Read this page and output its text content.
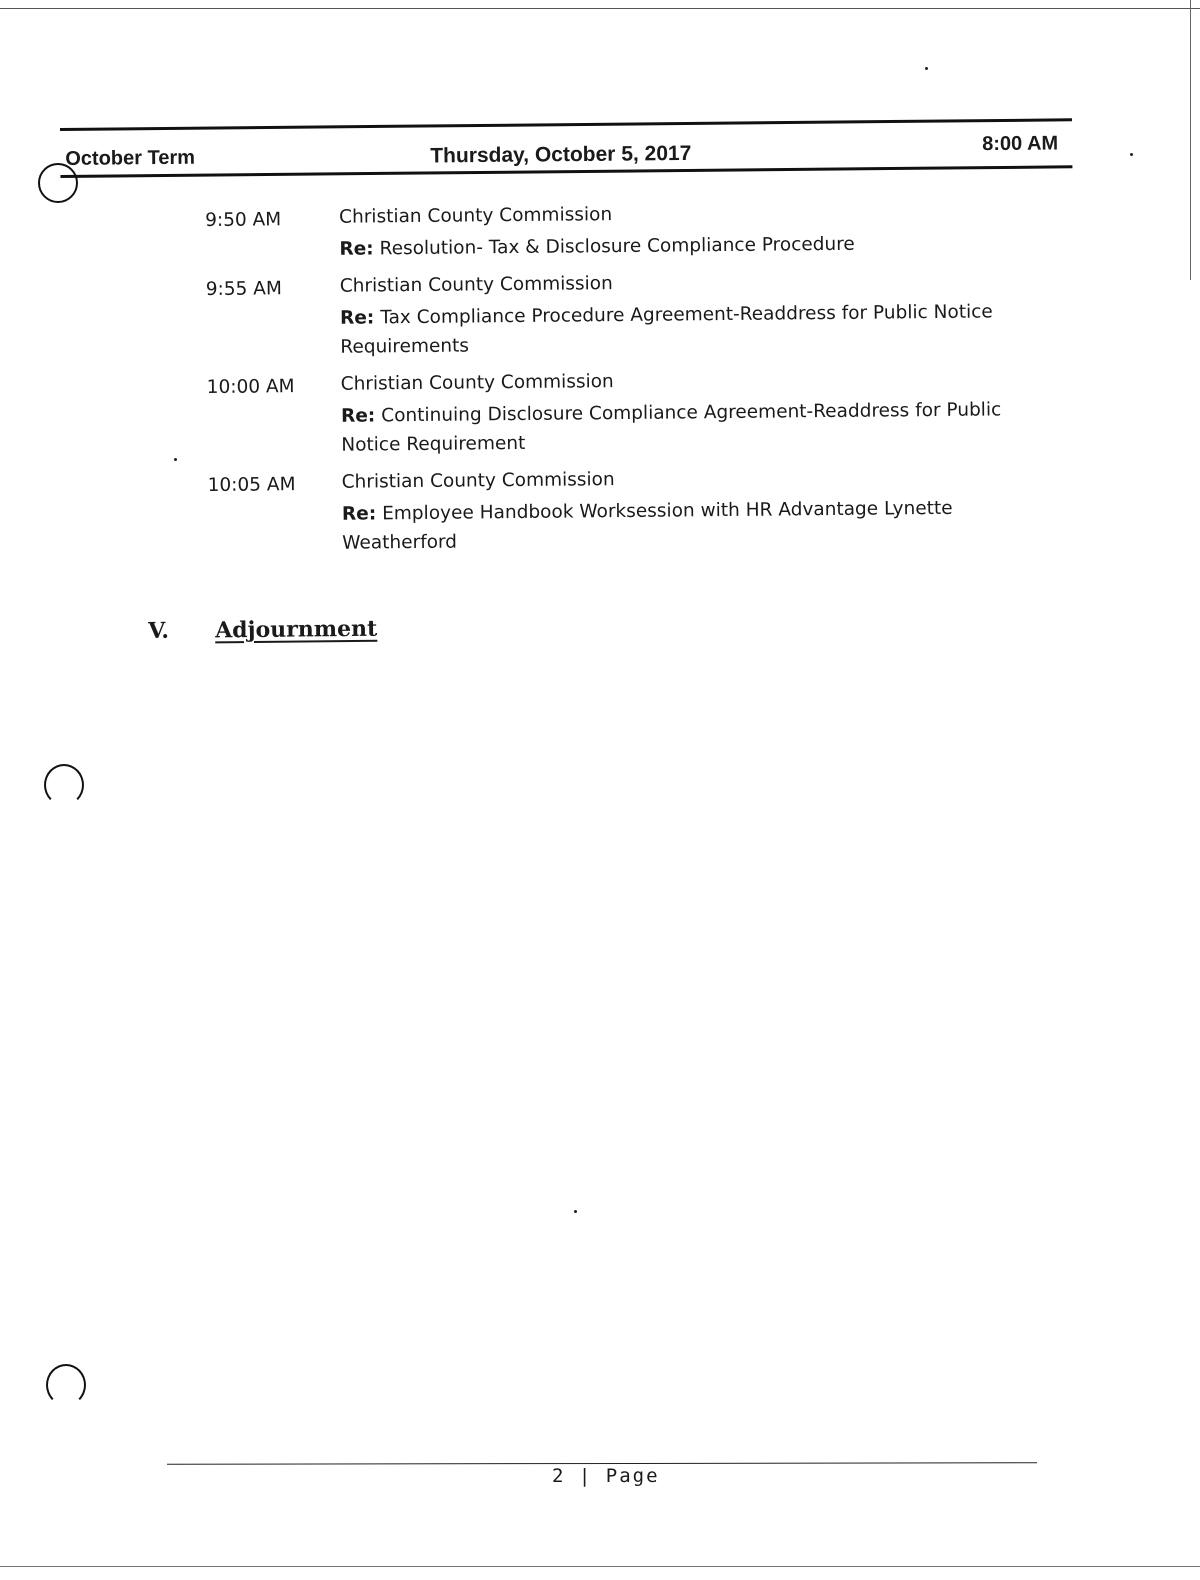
October Term	Thursday, October 5, 2017	8:00 AM
9:50 AM	Christian County Commission
Re: Resolution- Tax & Disclosure Compliance Procedure
9:55 AM	Christian County Commission
Re: Tax Compliance Procedure Agreement-Readdress for Public Notice Requirements
10:00 AM	Christian County Commission
Re: Continuing Disclosure Compliance Agreement-Readdress for Public Notice Requirement
10:05 AM	Christian County Commission
Re: Employee Handbook Worksession with HR Advantage Lynette Weatherford
V. Adjournment
2 | Page
